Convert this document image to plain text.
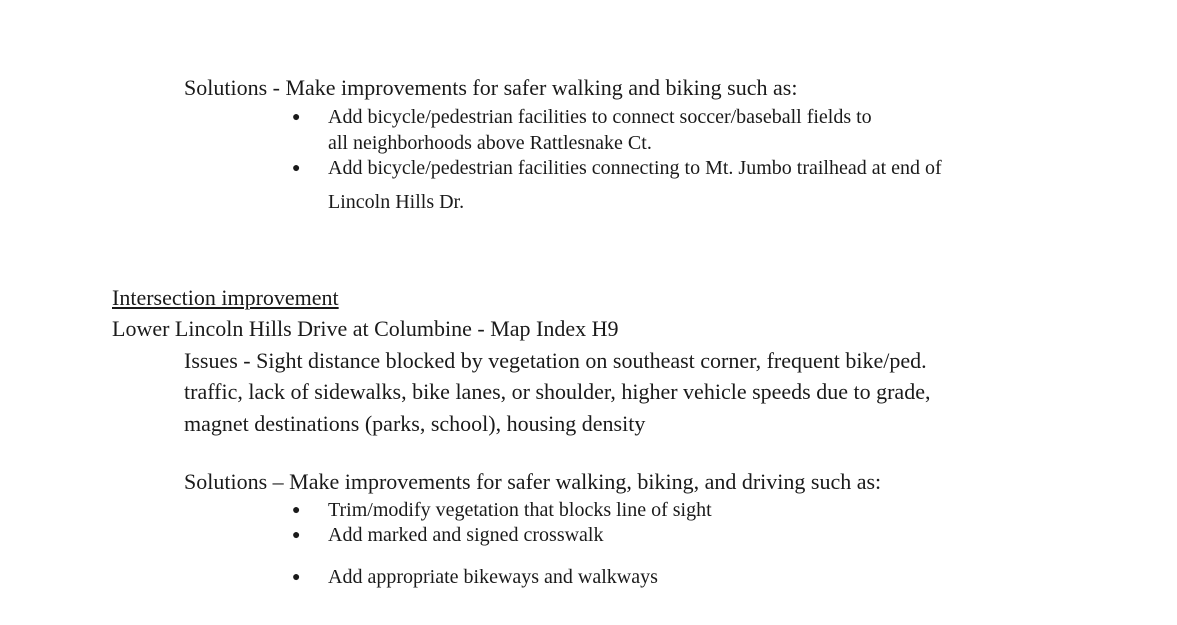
Solutions - Make improvements for safer walking and biking such as:
● Add bicycle/pedestrian facilities to connect soccer/baseball fields to
all neighborhoods above Rattlesnake Ct.
● Add bicycle/pedestrian facilities connecting to Mt. Jumbo trailhead at end of
Lincoln Hills Dr.
Intersection improvement
Lower Lincoln Hills Drive at Columbine - Map Index H9
Issues - Sight distance blocked by vegetation on southeast corner, frequent bike/ped.
traffic, lack of sidewalks, bike lanes, or shoulder, higher vehicle speeds due to grade,
magnet destinations (parks, school), housing density
Solutions – Make improvements for safer walking, biking, and driving such as:
● Trim/modify vegetation that blocks line of sight
● Add marked and signed crosswalk
● Add appropriate bikeways and walkways
